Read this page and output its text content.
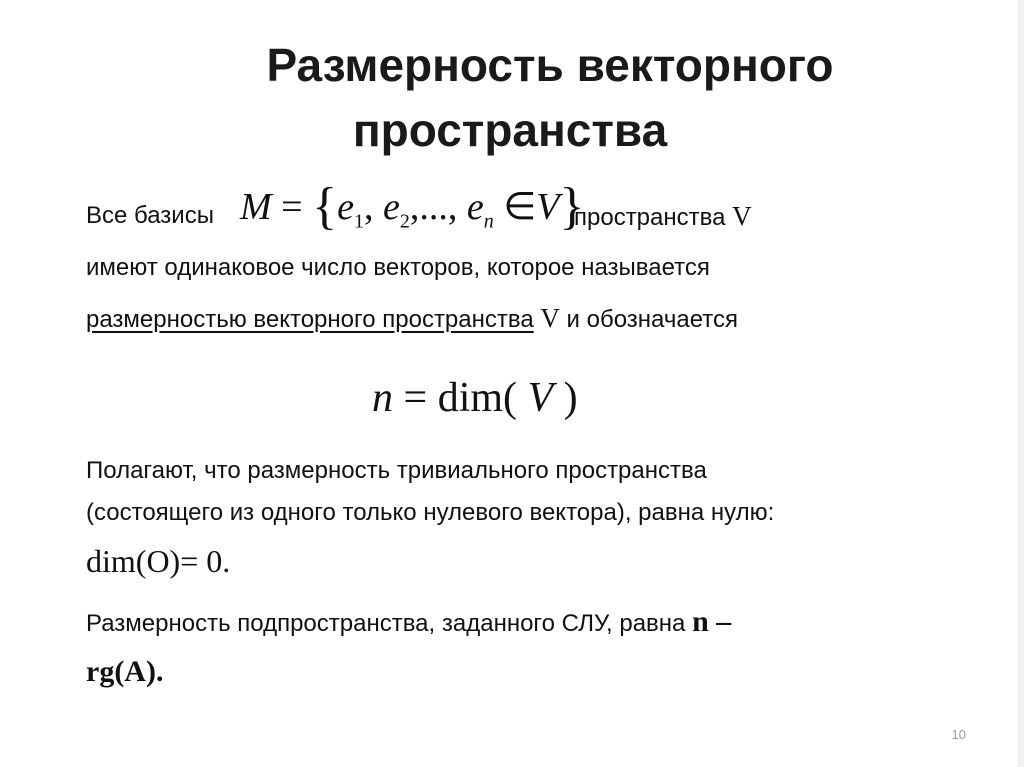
Размерность векторного
пространства
Все базисы $M = \{e_1$, $e_2$,..., $e_n$ ∈V}
пространства V
имеют одинаковое число векторов, которое называется
размерностью векторного пространства V и обозначается
n = dim( V )
Полагают, что размерность тривиального пространства
(состоящего из одного только нулевого вектора), равна нулю:
dim(O)= 0.
Размерность подпространства, заданного СЛУ, равна n –
rg(A).
10
